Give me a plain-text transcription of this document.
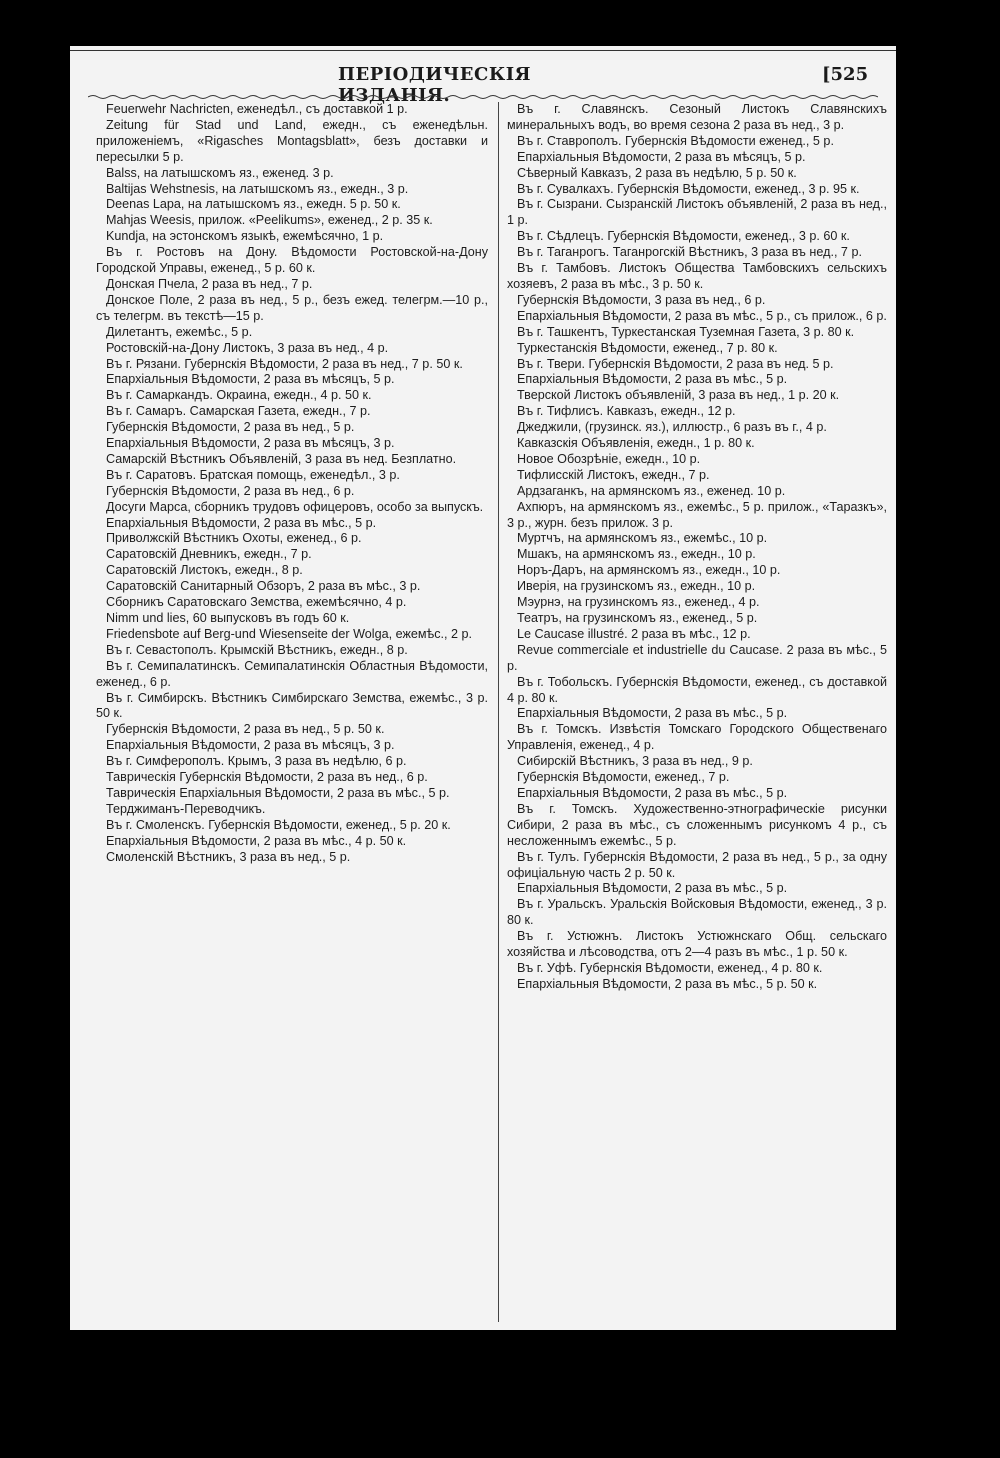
ПЕРІОДИЧЕСКІЯ ИЗДАНІЯ.
[525

Feuerwehr Nachricten, еженедѣл., съ доставкой 1 р.

Zeitung für Stad und Land, ежедн., съ еженедѣльн. приложеніемъ, «Rigasches Montagsblatt», безъ доставки и пересылки 5 р.

Balss, на латышскомъ яз., еженед. 3 р.

Baltijas Wehstnesis, на латышскомъ яз., ежедн., 3 р.

Deenas Lapa, на латышскомъ яз., ежедн. 5 р. 50 к.

Mahjas Weesis, прилож. «Peelikums», еженед., 2 р. 35 к.

Kundja, на эстонскомъ языкѣ, ежемѣсячно, 1 р.

Въ г. Ростовъ на Дону. Вѣдомости Ростовской-на-Дону Городской Управы, еженед., 5 р. 60 к.

Донская Пчела, 2 раза въ нед., 7 р.

Донское Поле, 2 раза въ нед., 5 р., безъ ежед. телегрм.—10 р., съ телегрм. въ текстѣ—15 р.

Дилетантъ, ежемѣс., 5 р.

Ростовскій-на-Дону Листокъ, 3 раза въ нед., 4 р.

Въ г. Рязани. Губернскія Вѣдомости, 2 раза въ нед., 7 р. 50 к.

Епархіальныя Вѣдомости, 2 раза въ мѣсяцъ, 5 р.

Въ г. Самаркандъ. Окраина, ежедн., 4 р. 50 к.

Въ г. Самаръ. Самарская Газета, ежедн., 7 р.

Губернскія Вѣдомости, 2 раза въ нед., 5 р.

Епархіальныя Вѣдомости, 2 раза въ мѣсяцъ, 3 р.

Самарскій Вѣстникъ Объявленій, 3 раза въ нед. Безплатно.

Въ г. Саратовъ. Братская помощь, еженедѣл., 3 р.

Губернскія Вѣдомости, 2 раза въ нед., 6 р.

Досуги Марса, сборникъ трудовъ офицеровъ, особо за выпускъ.

Епархіальныя Вѣдомости, 2 раза въ мѣс., 5 р.

Приволжскій Вѣстникъ Охоты, еженед., 6 р.

Саратовскій Дневникъ, ежедн., 7 р.

Саратовскій Листокъ, ежедн., 8 р.

Саратовскій Санитарный Обзоръ, 2 раза въ мѣс., 3 р.

Сборникъ Саратовскаго Земства, ежемѣсячно, 4 р.

Nimm und lies, 60 выпусковъ въ годъ 60 к.

Friedensbote auf Berg-und Wiesenseite der Wolga, ежемѣс., 2 р.

Въ г. Севастополъ. Крымскій Вѣстникъ, ежедн., 8 р.

Въ г. Семипалатинскъ. Семипалатинскія Областныя Вѣдомости, еженед., 6 р.

Въ г. Симбирскъ. Вѣстникъ Симбирскаго Земства, ежемѣс., 3 р. 50 к.

Губернскія Вѣдомости, 2 раза въ нед., 5 р. 50 к.

Епархіальныя Вѣдомости, 2 раза въ мѣсяцъ, 3 р.

Въ г. Симферополъ. Крымъ, 3 раза въ недѣлю, 6 р.

Таврическія Губернскія Вѣдомости, 2 раза въ нед., 6 р.

Таврическія Епархіальныя Вѣдомости, 2 раза въ мѣс., 5 р.

Терджиманъ-Переводчикъ.

Въ г. Смоленскъ. Губернскія Вѣдомости, еженед., 5 р. 20 к.

Епархіальныя Вѣдомости, 2 раза въ мѣс., 4 р. 50 к.

Смоленскій Вѣстникъ, 3 раза въ нед., 5 р.

Въ г. Славянскъ. Сезоный Листокъ Славянскихъ минеральныхъ водъ, во время сезона 2 раза въ нед., 3 р.

Въ г. Ставрополъ. Губернскія Вѣдомости еженед., 5 р.

Епархіальныя Вѣдомости, 2 раза въ мѣсяцъ, 5 р.

Сѣверный Кавказъ, 2 раза въ недѣлю, 5 р. 50 к.

Въ г. Сувалкахъ. Губернскія Вѣдомости, еженед., 3 р. 95 к.

Въ г. Сызрани. Сызранскій Листокъ объявленій, 2 раза въ нед., 1 р.

Въ г. Сѣдлецъ. Губернскія Вѣдомости, еженед., 3 р. 60 к.

Въ г. Таганрогъ. Таганрогскій Вѣстникъ, 3 раза въ нед., 7 р.

Въ г. Тамбовъ. Листокъ Общества Тамбовскихъ сельскихъ хозяевъ, 2 раза въ мѣс., 3 р. 50 к.

Губернскія Вѣдомости, 3 раза въ нед., 6 р.

Епархіальныя Вѣдомости, 2 раза въ мѣс., 5 р., съ прилож., 6 р.

Въ г. Ташкентъ, Туркестанская Туземная Газета, 3 р. 80 к.

Туркестанскія Вѣдомости, еженед., 7 р. 80 к.

Въ г. Твери. Губернскія Вѣдомости, 2 раза въ нед. 5 р.

Епархіальныя Вѣдомости, 2 раза въ мѣс., 5 р.

Тверской Листокъ объявленій, 3 раза въ нед., 1 р. 20 к.

Въ г. Тифлисъ. Кавказъ, ежедн., 12 р.

Джеджили, (грузинск. яз.), иллюстр., 6 разъ въ г., 4 р.

Кавказскія Объявленія, ежедн., 1 р. 80 к.

Новое Обозрѣніе, ежедн., 10 р.

Тифлисскій Листокъ, ежедн., 7 р.

Ардзаганкъ, на армянскомъ яз., еженед. 10 р.

Ахпюръ, на армянскомъ яз., ежемѣс., 5 р. прилож., «Таразкъ», 3 р., журн. безъ прилож. 3 р.

Муртчъ, на армянскомъ яз., ежемѣс., 10 р.

Мшакъ, на армянскомъ яз., ежедн., 10 р.

Норъ-Даръ, на армянскомъ яз., ежедн., 10 р.

Иверія, на грузинскомъ яз., ежедн., 10 р.

Мэурнэ, на грузинскомъ яз., еженед., 4 р.

Театръ, на грузинскомъ яз., еженед., 5 р.

Le Caucase illustré. 2 раза въ мѣс., 12 р.

Revue commerciale et industrielle du Caucase. 2 раза въ мѣс., 5 р.

Въ г. Тобольскъ. Губернскія Вѣдомости, еженед., съ доставкой 4 р. 80 к.

Епархіальныя Вѣдомости, 2 раза въ мѣс., 5 р.

Въ г. Томскъ. Извѣстія Томскаго Городского Общественаго Управленія, еженед., 4 р.

Сибирскій Вѣстникъ, 3 раза въ нед., 9 р.

Губернскія Вѣдомости, еженед., 7 р.

Епархіальныя Вѣдомости, 2 раза въ мѣс., 5 р.

Въ г. Томскъ. Художественно-этнографическіе рисунки Сибири, 2 раза въ мѣс., съ сложеннымъ рисункомъ 4 р., съ несложеннымъ ежемѣс., 5 р.

Въ г. Тулъ. Губернскія Вѣдомости, 2 раза въ нед., 5 р., за одну офиціальную часть 2 р. 50 к.

Епархіальныя Вѣдомости, 2 раза въ мѣс., 5 р.

Въ г. Уральскъ. Уральскія Войсковыя Вѣдомости, еженед., 3 р. 80 к.

Въ г. Устюжнъ. Листокъ Устюжнскаго Общ. сельскаго хозяйства и лѣсоводства, отъ 2—4 разъ въ мѣс., 1 р. 50 к.

Въ г. Уфѣ. Губернскія Вѣдомости, еженед., 4 р. 80 к.

Епархіальныя Вѣдомости, 2 раза въ мѣс., 5 р. 50 к.
